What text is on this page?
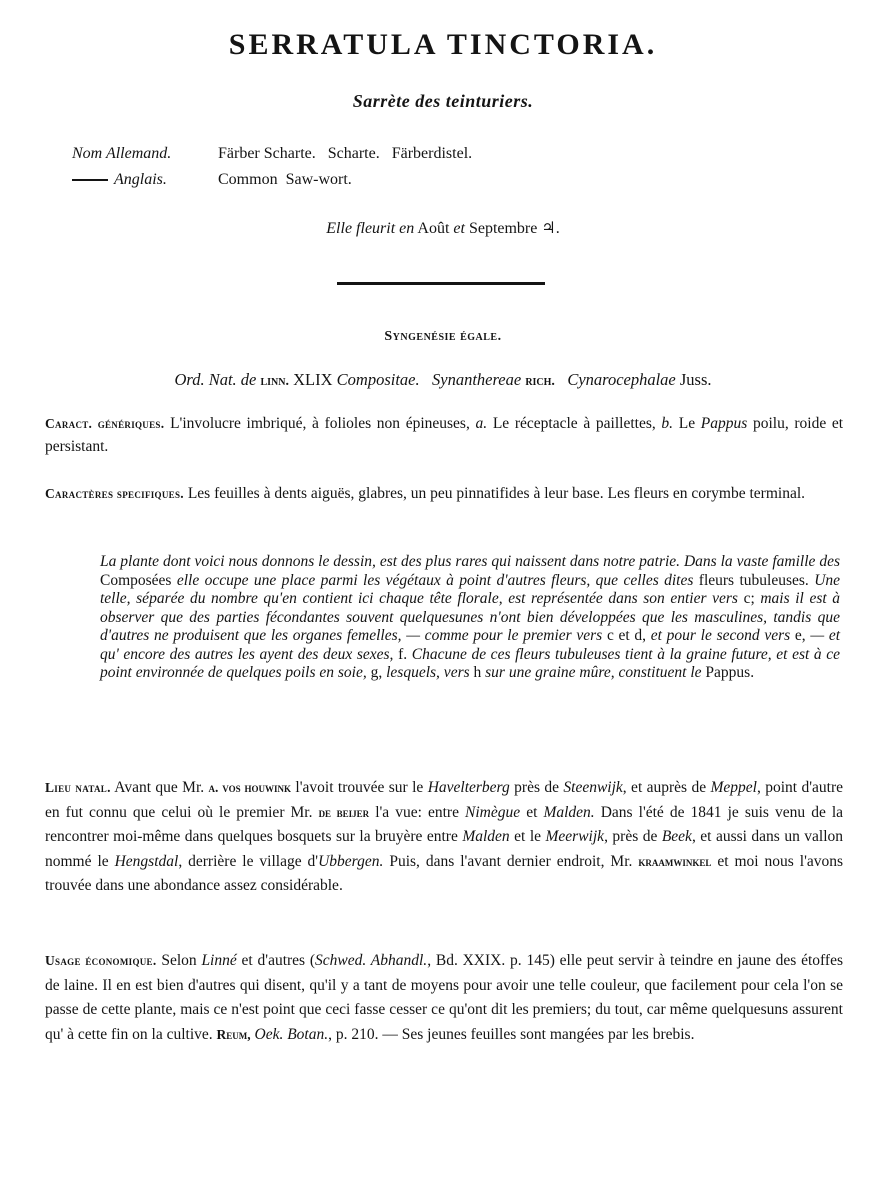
SERRATULA TINCTORIA.
Sarrète des teinturiers.
Nom Allemand.	Färber Scharte.   Scharte.   Färberdistel.
Anglais.	Common  Saw-wort.
Elle fleurit en Août et Septembre ♃.
Syngenésie égale.
Ord. Nat. de linn. XLIX Compositae. Synanthereae rich. Cynarocephalae Juss.
Caract. génériques. L'involucre imbriqué, à folioles non épineuses, a. Le réceptacle à paillettes, b. Le Pappus poilu, roide et persistant.
Caractères specifiques. Les feuilles à dents aiguës, glabres, un peu pinnatifides à leur base. Les fleurs en corymbe terminal.
La plante dont voici nous donnons le dessin, est des plus rares qui naissent dans notre patrie. Dans la vaste famille des Composées elle occupe une place parmi les végétaux à point d'autres fleurs, que celles dites fleurs tubuleuses. Une telle, séparée du nombre qu'en contient ici chaque tête florale, est représentée dans son entier vers c; mais il est à observer que des parties fécondantes souvent quelquesunes n'ont bien développées que les masculines, tandis que d'autres ne produisent que les organes femelles, — comme pour le premier vers c et d, et pour le second vers e, — et qu' encore des autres les ayent des deux sexes, f. Chacune de ces fleurs tubuleuses tient à la graine future, et est à ce point environnée de quelques poils en soie, g, lesquels, vers h sur une graine mûre, constituent le Pappus.
Lieu natal. Avant que Mr. a. vos houwink l'avoit trouvée sur le Havelterberg près de Steenwijk, et auprès de Meppel, point d'autre en fut connu que celui où le premier Mr. de beijer l'a vue: entre Nimègue et Malden. Dans l'été de 1841 je suis venu de la rencontrer moi-même dans quelques bosquets sur la bruyère entre Malden et le Meerwijk, près de Beek, et aussi dans un vallon nommé le Hengstdal, derrière le village d'Ubbergen. Puis, dans l'avant dernier endroit, Mr. kraamwinkel et moi nous l'avons trouvée dans une abondance assez considérable.
Usage économique. Selon Linné et d'autres (Schwed. Abhandl., Bd. XXIX. p. 145) elle peut servir à teindre en jaune des étoffes de laine. Il en est bien d'autres qui disent, qu'il y a tant de moyens pour avoir une telle couleur, que facilement pour cela l'on se passe de cette plante, mais ce n'est point que ceci fasse cesser ce qu'ont dit les premiers; du tout, car même quelquesuns assurent qu' à cette fin on la cultive. Reum, Oek. Botan., p. 210. — Ses jeunes feuilles sont mangées par les brebis.
